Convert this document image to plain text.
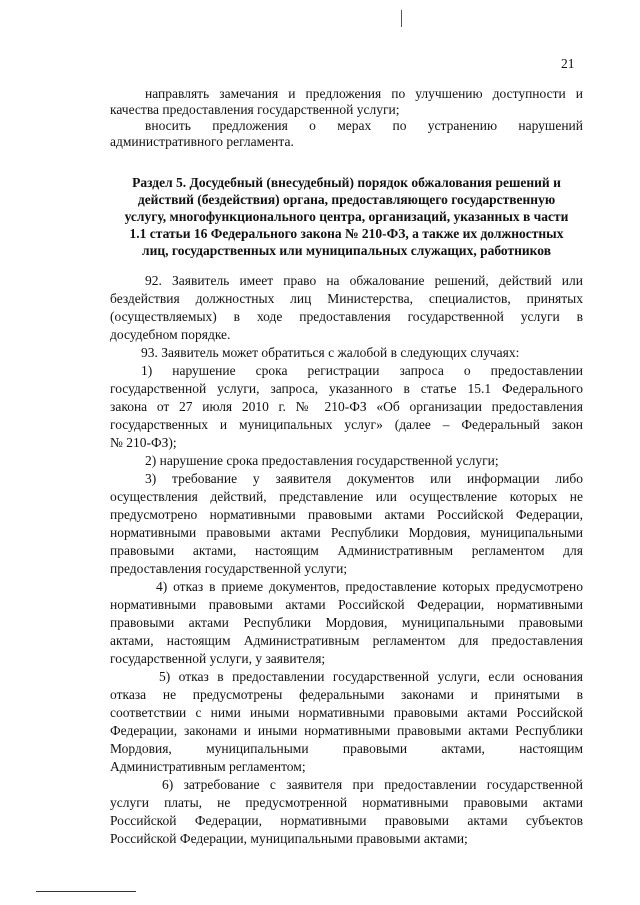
21
направлять замечания и предложения по улучшению доступности и
качества предоставления государственной услуги;
вносить предложения о мерах по устранению нарушений
административного регламента.
Раздел 5. Досудебный (внесудебный) порядок обжалования решений и
действий (бездействия) органа, предоставляющего государственную
услугу, многофункционального центра, организаций, указанных в части
1.1 статьи 16 Федерального закона № 210-ФЗ, а также их должностных
лиц, государственных или муниципальных служащих, работников
92. Заявитель имеет право на обжалование решений, действий или
бездействия должностных лиц Министерства, специалистов, принятых
(осуществляемых) в ходе предоставления государственной услуги в
досудебном порядке.
93. Заявитель может обратиться с жалобой в следующих случаях:
1) нарушение срока регистрации запроса о предоставлении
государственной услуги, запроса, указанного в статье 15.1 Федерального
закона от 27 июля 2010 г. № 210-ФЗ «Об организации предоставления
государственных и муниципальных услуг» (далее – Федеральный закон
№ 210-ФЗ);
2) нарушение срока предоставления государственной услуги;
3) требование у заявителя документов или информации либо
осуществления действий, представление или осуществление которых не
предусмотрено нормативными правовыми актами Российской Федерации,
нормативными правовыми актами Республики Мордовия, муниципальными
правовыми актами, настоящим Административным регламентом для
предоставления государственной услуги;
4) отказ в приеме документов, предоставление которых предусмотрено
нормативными правовыми актами Российской Федерации, нормативными
правовыми актами Республики Мордовия, муниципальными правовыми
актами, настоящим Административным регламентом для предоставления
государственной услуги, у заявителя;
5) отказ в предоставлении государственной услуги, если основания
отказа не предусмотрены федеральными законами и принятыми в
соответствии с ними иными нормативными правовыми актами Российской
Федерации, законами и иными нормативными правовыми актами Республики
Мордовия, муниципальными правовыми актами, настоящим
Административным регламентом;
6) затребование с заявителя при предоставлении государственной
услуги платы, не предусмотренной нормативными правовыми актами
Российской Федерации, нормативными правовыми актами субъектов
Российской Федерации, муниципальными правовыми актами;
